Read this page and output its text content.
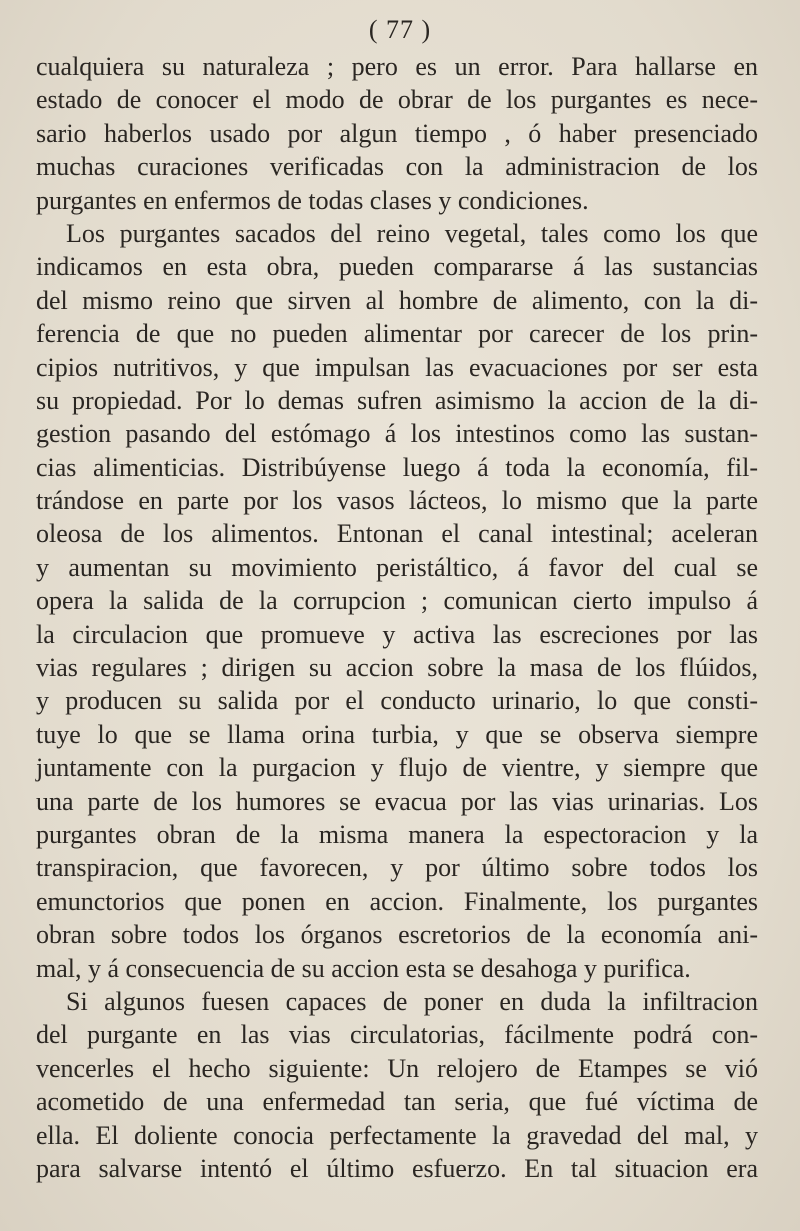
( 77 )
cualquiera su naturaleza ; pero es un error. Para hallarse en
estado de conocer el modo de obrar de los purgantes es nece-
sario haberlos usado por algun tiempo , ó haber presenciado
muchas curaciones verificadas con la administracion de los
purgantes en enfermos de todas clases y condiciones.
Los purgantes sacados del reino vegetal, tales como los que
indicamos en esta obra, pueden compararse á las sustancias
del mismo reino que sirven al hombre de alimento, con la di-
ferencia de que no pueden alimentar por carecer de los prin-
cipios nutritivos, y que impulsan las evacuaciones por ser esta
su propiedad. Por lo demas sufren asimismo la accion de la di-
gestion pasando del estómago á los intestinos como las sustan-
cias alimenticias. Distribúyense luego á toda la economía, fil-
trándose en parte por los vasos lácteos, lo mismo que la parte
oleosa de los alimentos. Entonan el canal intestinal; aceleran
y aumentan su movimiento peristáltico, á favor del cual se
opera la salida de la corrupcion ; comunican cierto impulso á
la circulacion que promueve y activa las escreciones por las
vias regulares ; dirigen su accion sobre la masa de los flúidos,
y producen su salida por el conducto urinario, lo que consti-
tuye lo que se llama orina turbia, y que se observa siempre
juntamente con la purgacion y flujo de vientre, y siempre que
una parte de los humores se evacua por las vias urinarias. Los
purgantes obran de la misma manera la espectoracion y la
transpiracion, que favorecen, y por último sobre todos los
emunctorios que ponen en accion. Finalmente, los purgantes
obran sobre todos los órganos escretorios de la economía ani-
mal, y á consecuencia de su accion esta se desahoga y purifica.
Si algunos fuesen capaces de poner en duda la infiltracion
del purgante en las vias circulatorias, fácilmente podrá con-
vencerles el hecho siguiente: Un relojero de Etampes se vió
acometido de una enfermedad tan seria, que fué víctima de
ella. El doliente conocia perfectamente la gravedad del mal, y
para salvarse intentó el último esfuerzo. En tal situacion era
